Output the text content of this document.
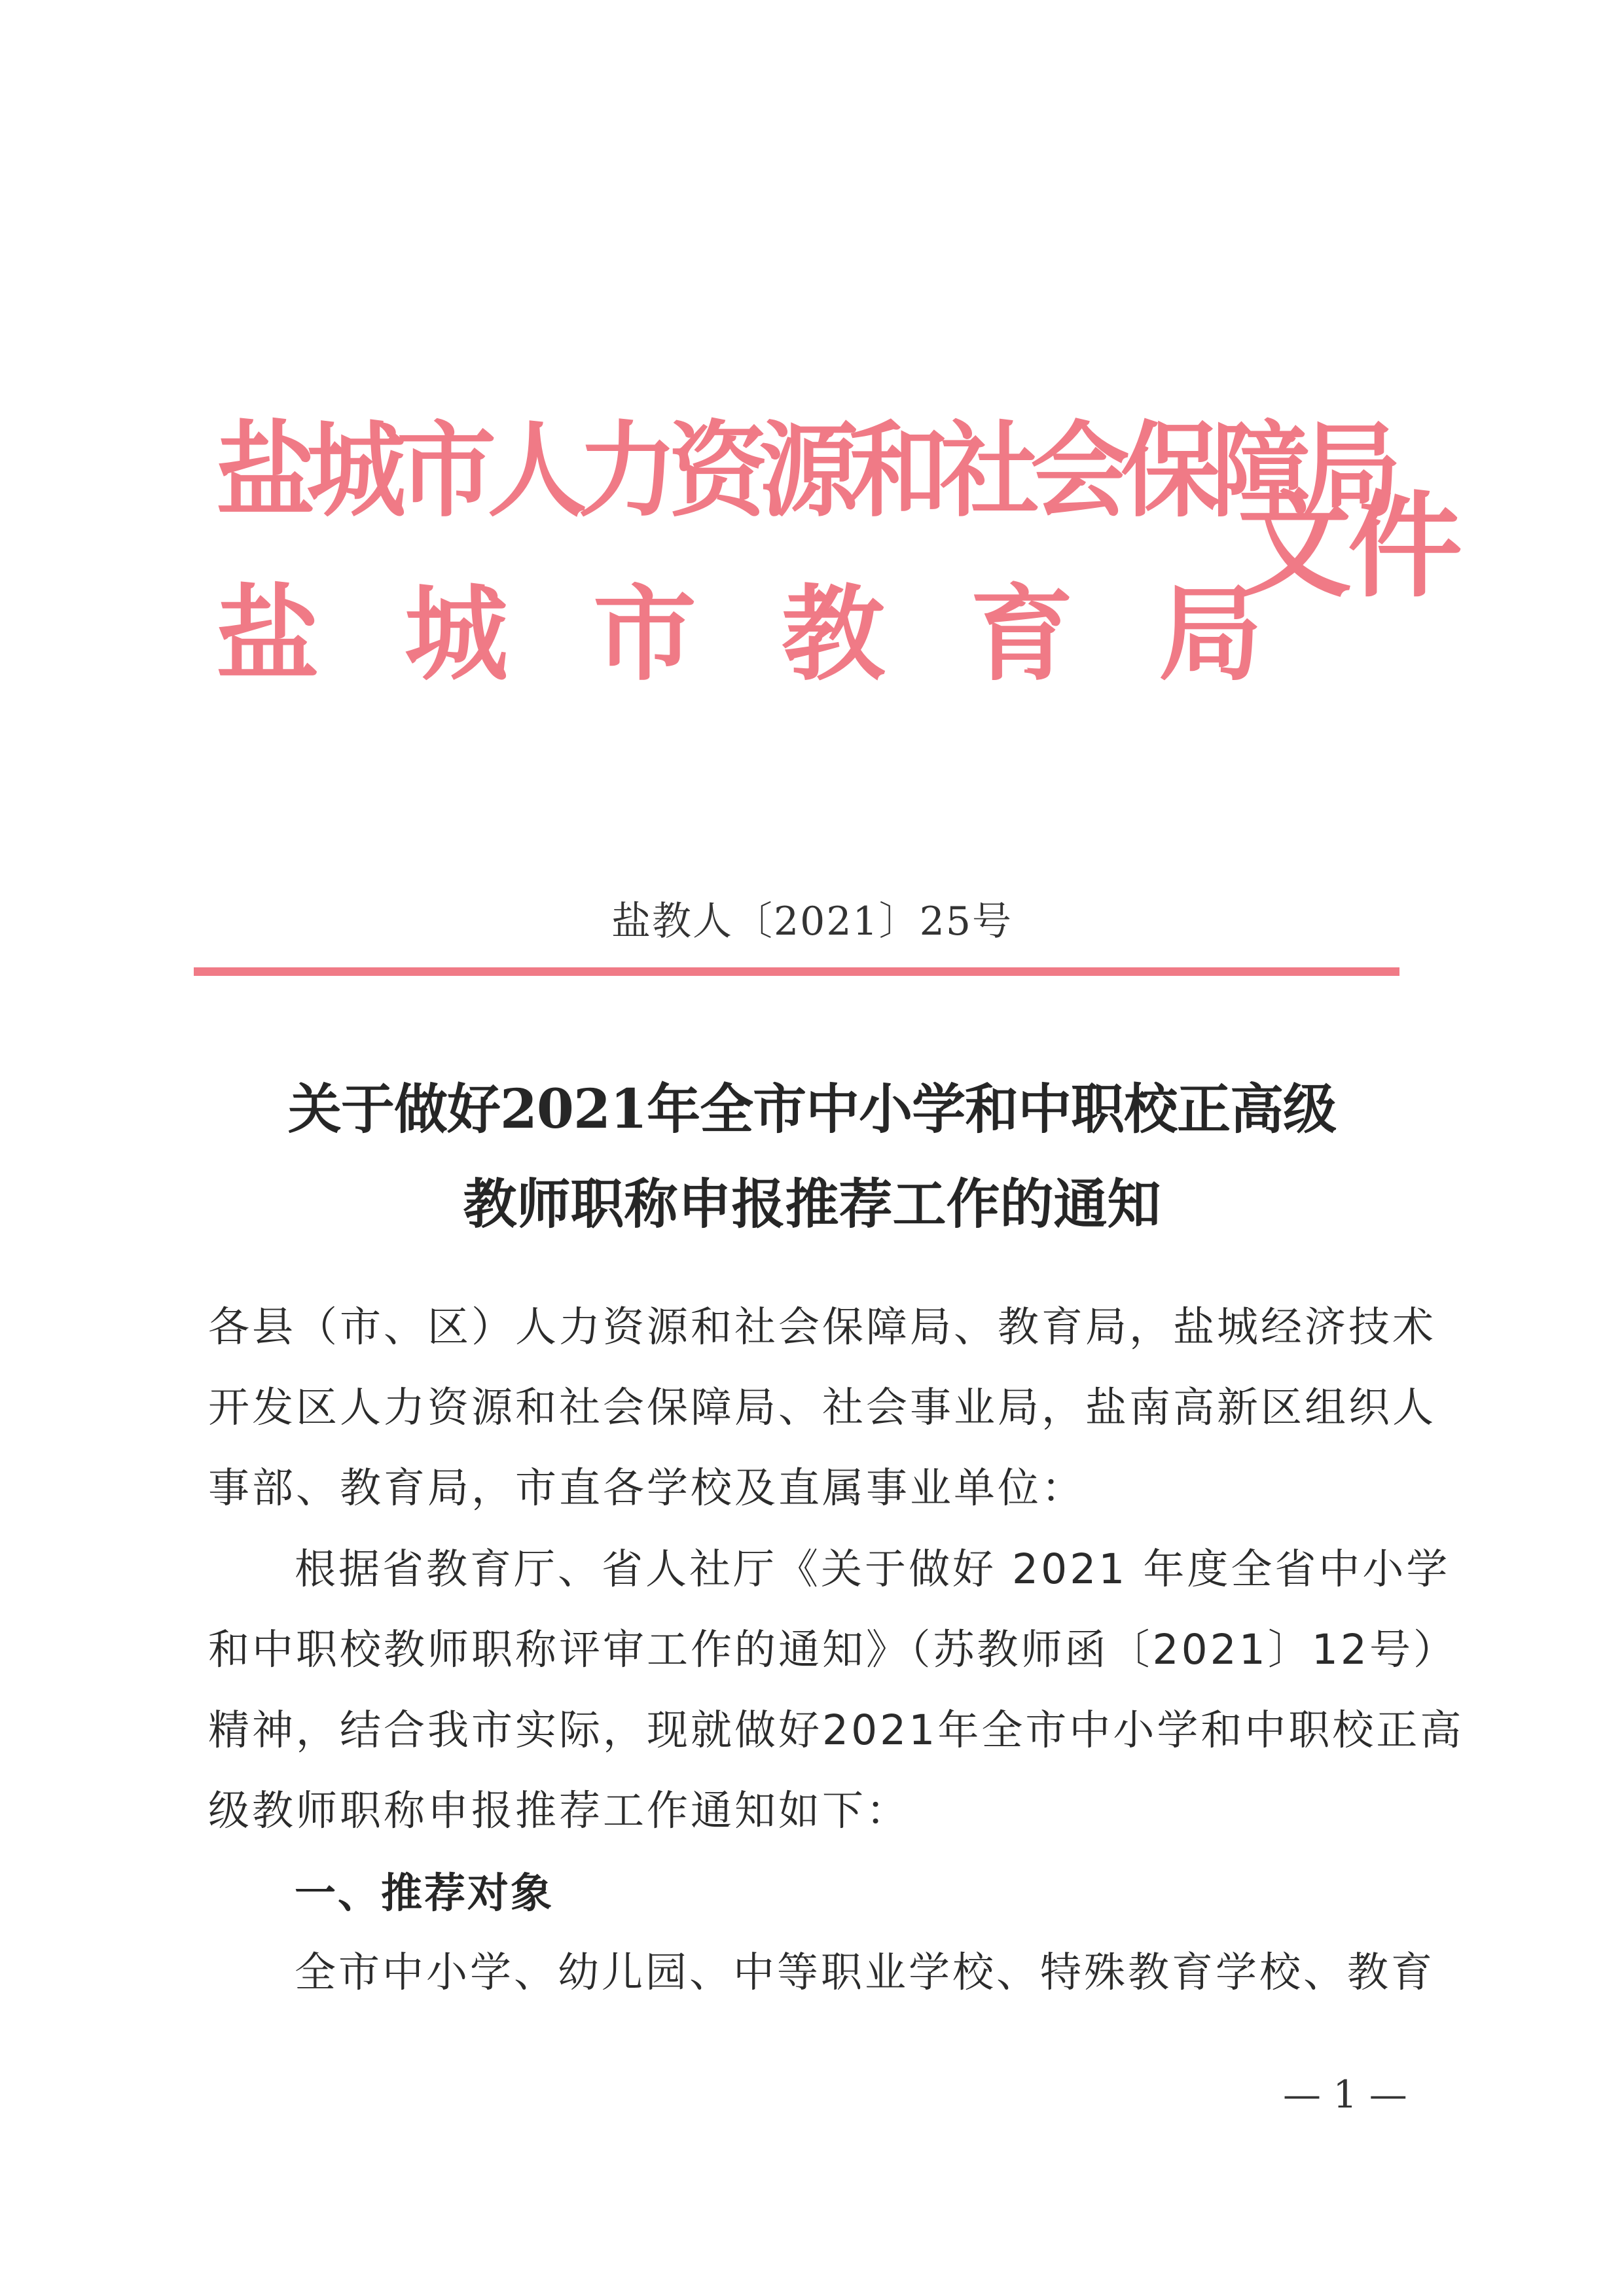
盐城市人力资源和社会保障局
盐城市教育局
文件
盐教人〔2021〕25号
关于做好2021年全市中小学和中职校正高级
教师职称申报推荐工作的通知
各县（市、区）人力资源和社会保障局、教育局，盐城经济技术
开发区人力资源和社会保障局、社会事业局，盐南高新区组织人
事部、教育局，市直各学校及直属事业单位：
根据省教育厅、省人社厅《关于做好 2021 年度全省中小学
和中职校教师职称评审工作的通知》（苏教师函〔2021〕12号）
精神，结合我市实际，现就做好2021年全市中小学和中职校正高
级教师职称申报推荐工作通知如下：
一、推荐对象
全市中小学、幼儿园、中等职业学校、特殊教育学校、教育
— 1 —
